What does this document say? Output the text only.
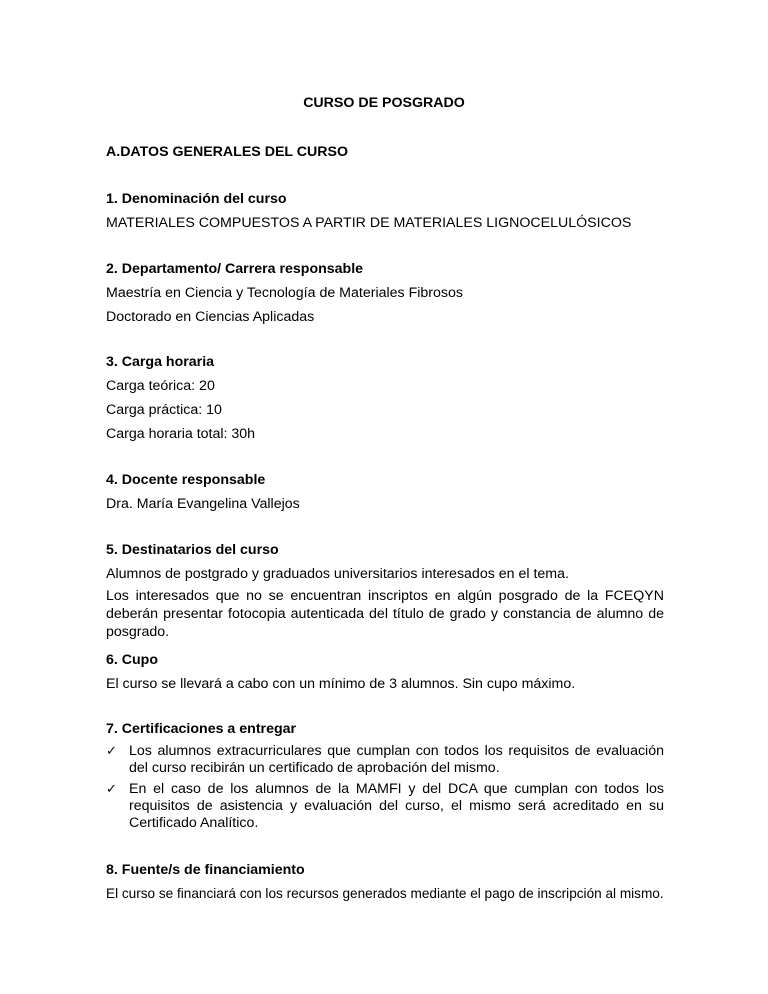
CURSO DE POSGRADO
A.DATOS GENERALES DEL CURSO
1. Denominación del curso
MATERIALES COMPUESTOS A PARTIR DE MATERIALES LIGNOCELULÓSICOS
2. Departamento/ Carrera responsable
Maestría en Ciencia y Tecnología de Materiales Fibrosos
Doctorado en Ciencias Aplicadas
3. Carga horaria
Carga teórica: 20
Carga práctica: 10
Carga horaria total: 30h
4. Docente responsable
Dra. María Evangelina Vallejos
5. Destinatarios del curso
Alumnos de postgrado y graduados universitarios interesados en el tema.
Los interesados que no se encuentran inscriptos en algún posgrado de la FCEQYN deberán presentar fotocopia autenticada del título de grado y constancia de alumno de posgrado.
6. Cupo
El curso se llevará a cabo con un mínimo de 3 alumnos. Sin cupo máximo.
7. Certificaciones a entregar
✓ Los alumnos extracurriculares que cumplan con todos los requisitos de evaluación del curso recibirán un certificado de aprobación del mismo.
✓ En el caso de los alumnos de la MAMFI y del DCA que cumplan con todos los requisitos de asistencia y evaluación del curso, el mismo será acreditado en su Certificado Analítico.
8. Fuente/s de financiamiento
El curso se financiará con los recursos generados mediante el pago de inscripción al mismo.
